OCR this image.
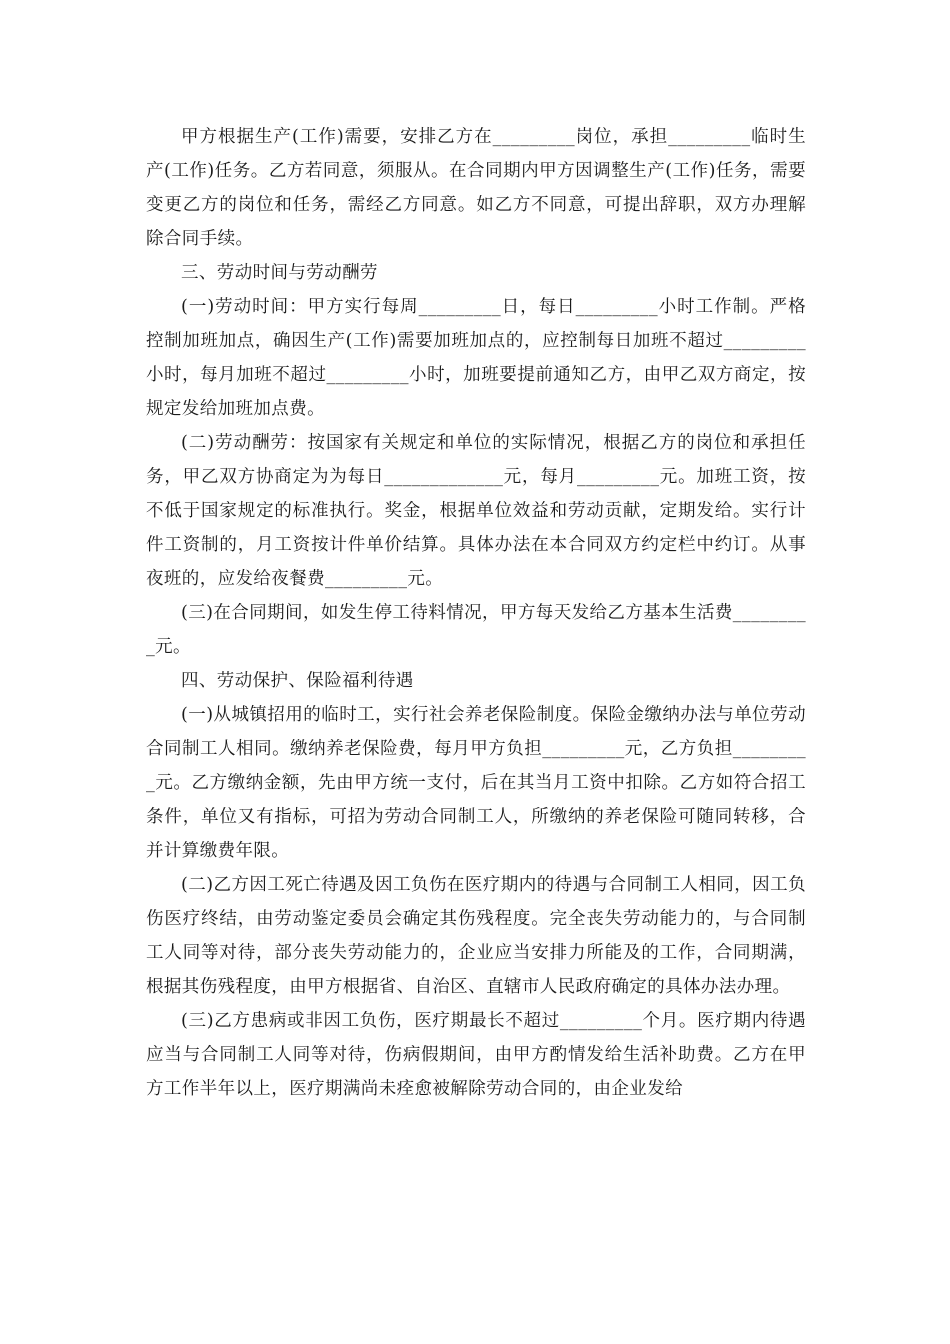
甲方根据生产(工作)需要，安排乙方在_________岗位，承担_________临时生产(工作)任务。乙方若同意，须服从。在合同期内甲方因调整生产(工作)任务，需要变更乙方的岗位和任务，需经乙方同意。如乙方不同意，可提出辞职，双方办理解除合同手续。

三、劳动时间与劳动酬劳

(一)劳动时间：甲方实行每周_________日，每日_________小时工作制。严格控制加班加点，确因生产(工作)需要加班加点的，应控制每日加班不超过_________小时，每月加班不超过_________小时，加班要提前通知乙方，由甲乙双方商定，按规定发给加班加点费。

(二)劳动酬劳：按国家有关规定和单位的实际情况，根据乙方的岗位和承担任务，甲乙双方协商定为为每日_____________元，每月_________元。加班工资，按不低于国家规定的标准执行。奖金，根据单位效益和劳动贡献，定期发给。实行计件工资制的，月工资按计件单价结算。具体办法在本合同双方约定栏中约订。从事夜班的，应发给夜餐费_________元。

(三)在合同期间，如发生停工待料情况，甲方每天发给乙方基本生活费_________元。

四、劳动保护、保险福利待遇

(一)从城镇招用的临时工，实行社会养老保险制度。保险金缴纳办法与单位劳动合同制工人相同。缴纳养老保险费，每月甲方负担_________元，乙方负担_________元。乙方缴纳金额，先由甲方统一支付，后在其当月工资中扣除。乙方如符合招工条件，单位又有指标，可招为劳动合同制工人，所缴纳的养老保险可随同转移，合并计算缴费年限。

(二)乙方因工死亡待遇及因工负伤在医疗期内的待遇与合同制工人相同，因工负伤医疗终结，由劳动鉴定委员会确定其伤残程度。完全丧失劳动能力的，与合同制工人同等对待，部分丧失劳动能力的，企业应当安排力所能及的工作，合同期满，根据其伤残程度，由甲方根据省、自治区、直辖市人民政府确定的具体办法办理。

(三)乙方患病或非因工负伤，医疗期最长不超过_________个月。医疗期内待遇应当与合同制工人同等对待，伤病假期间，由甲方酌情发给生活补助费。乙方在甲方工作半年以上，医疗期满尚未痊愈被解除劳动合同的，由企业发给
